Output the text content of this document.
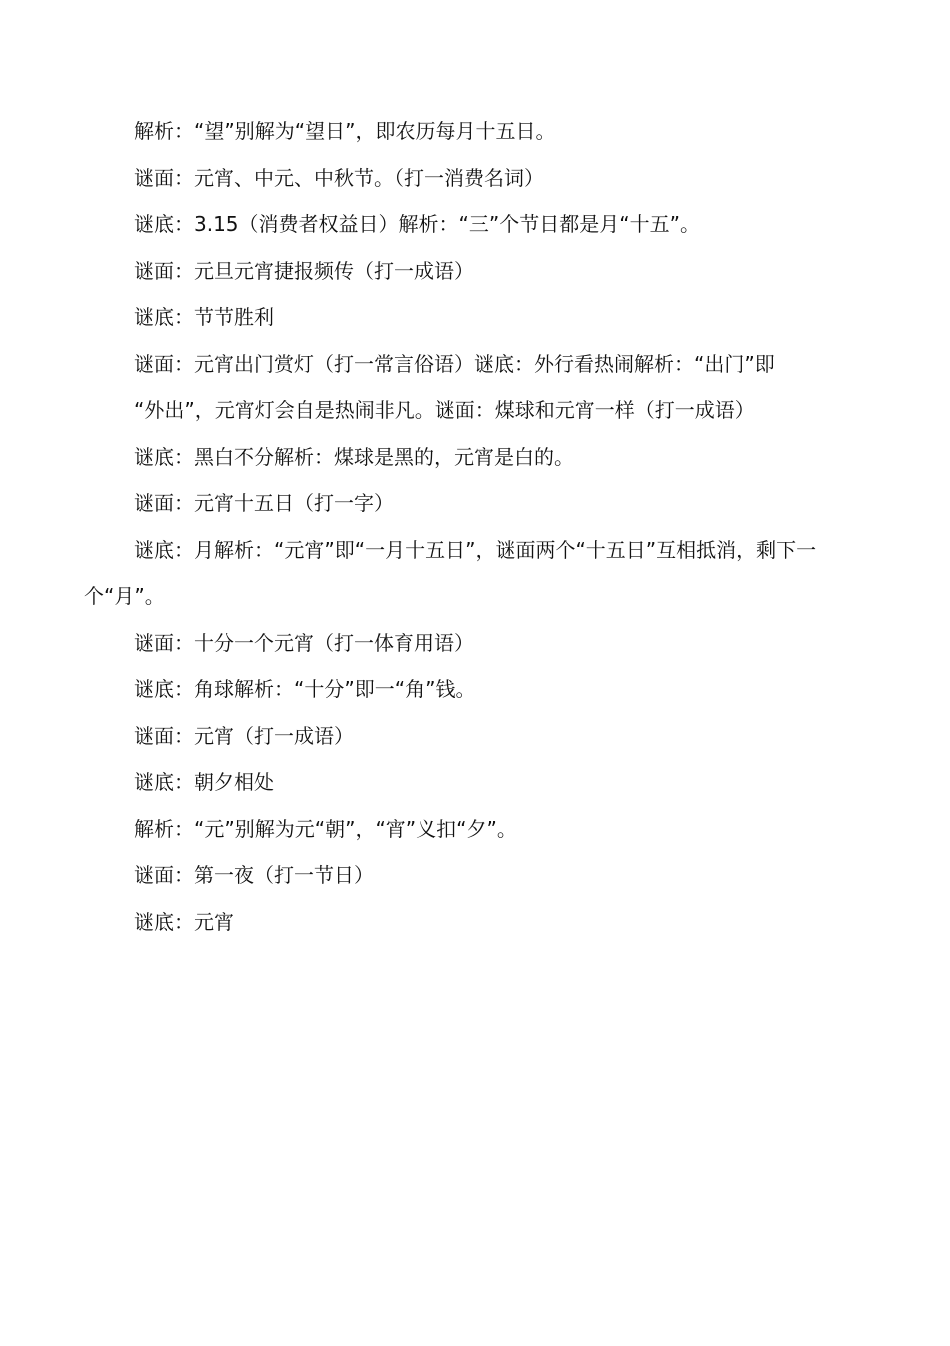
解析：“望”别解为“望日”，即农历每月十五日。

谜面：元宵、中元、中秋节。（打一消费名词）

谜底：3.15（消费者权益日）解析：“三”个节日都是月“十五”。

谜面：元旦元宵捷报频传（打一成语）

谜底：节节胜利

谜面：元宵出门赏灯（打一常言俗语）谜底：外行看热闹解析：“出门”即

“外出”，元宵灯会自是热闹非凡。谜面：煤球和元宵一样（打一成语）

谜底：黑白不分解析：煤球是黑的，元宵是白的。

谜面：元宵十五日（打一字）

谜底：月解析：“元宵”即“一月十五日”，谜面两个“十五日”互相抵消，剩下一个“月”。

谜面：十分一个元宵（打一体育用语）

谜底：角球解析：“十分”即一“角”钱。

谜面：元宵（打一成语）

谜底：朝夕相处

解析：“元”别解为元“朝”，“宵”义扣“夕”。

谜面：第一夜（打一节日）

谜底：元宵
